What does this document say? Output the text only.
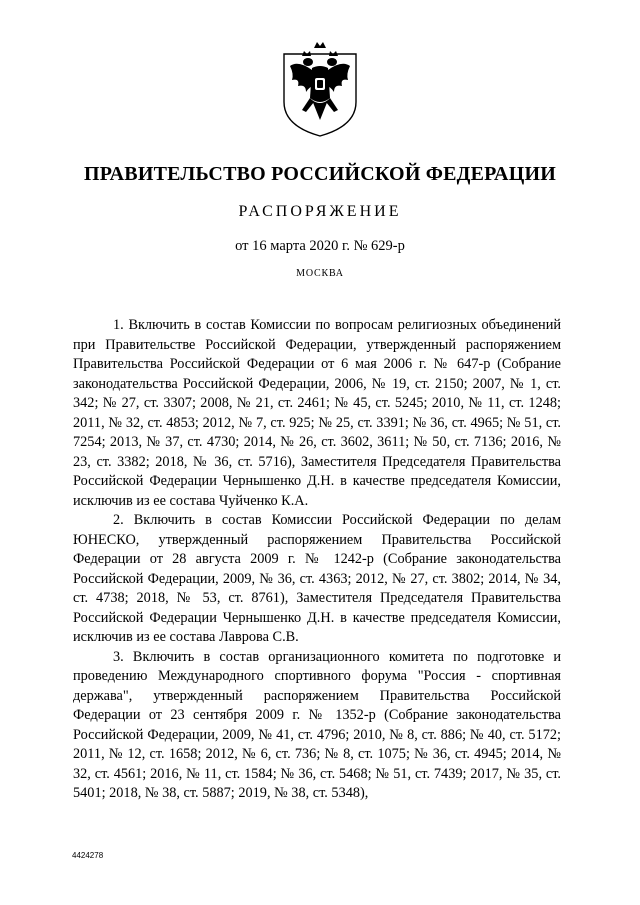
ПРАВИТЕЛЬСТВО РОССИЙСКОЙ ФЕДЕРАЦИИ
РАСПОРЯЖЕНИЕ
от 16 марта 2020 г. № 629-р
МОСКВА

1. Включить в состав Комиссии по вопросам религиозных объединений при Правительстве Российской Федерации, утвержденный распоряжением Правительства Российской Федерации от 6 мая 2006 г. № 647-р (Собрание законодательства Российской Федерации, 2006, № 19, ст. 2150; 2007, № 1, ст. 342; № 27, ст. 3307; 2008, № 21, ст. 2461; № 45, ст. 5245; 2010, № 11, ст. 1248; 2011, № 32, ст. 4853; 2012, № 7, ст. 925; № 25, ст. 3391; № 36, ст. 4965; № 51, ст. 7254; 2013, № 37, ст. 4730; 2014, № 26, ст. 3602, 3611; № 50, ст. 7136; 2016, № 23, ст. 3382; 2018, № 36, ст. 5716), Заместителя Председателя Правительства Российской Федерации Чернышенко Д.Н. в качестве председателя Комиссии, исключив из ее состава Чуйченко К.А.

2. Включить в состав Комиссии Российской Федерации по делам ЮНЕСКО, утвержденный распоряжением Правительства Российской Федерации от 28 августа 2009 г. № 1242-р (Собрание законодательства Российской Федерации, 2009, № 36, ст. 4363; 2012, № 27, ст. 3802; 2014, № 34, ст. 4738; 2018, № 53, ст. 8761), Заместителя Председателя Правительства Российской Федерации Чернышенко Д.Н. в качестве председателя Комиссии, исключив из ее состава Лаврова С.В.

3. Включить в состав организационного комитета по подготовке и проведению Международного спортивного форума "Россия - спортивная держава", утвержденный распоряжением Правительства Российской Федерации от 23 сентября 2009 г. № 1352-р (Собрание законодательства Российской Федерации, 2009, № 41, ст. 4796; 2010, № 8, ст. 886; № 40, ст. 5172; 2011, № 12, ст. 1658; 2012, № 6, ст. 736; № 8, ст. 1075; № 36, ст. 4945; 2014, № 32, ст. 4561; 2016, № 11, ст. 1584; № 36, ст. 5468; № 51, ст. 7439; 2017, № 35, ст. 5401; 2018, № 38, ст. 5887; 2019, № 38, ст. 5348),

4424278
